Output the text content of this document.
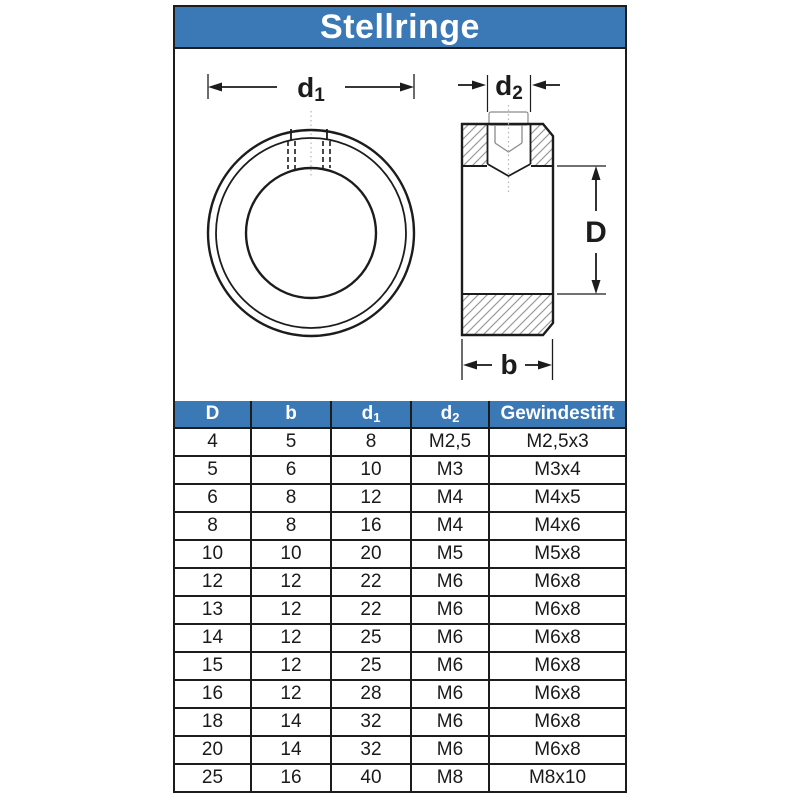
Stellringe
d1	d2
D
b
D	b	$d_1$	$d_2$	Gewindestift
4	5	8	M2,5	M2,5x3
5	6	10	M3	M3x4
6	8	12	M4	M4x5
8	8	16	M4	M4x6
10	10	20	M5	M5x8
12	12	22	M6	M6x8
13	12	22	M6	M6x8
14	12	25	M6	M6x8
15	12	25	M6	M6x8
16	12	28	M6	M6x8
18	14	32	M6	M6x8
20	14	32	M6	M6x8
25	16	40	M8	M8x10
